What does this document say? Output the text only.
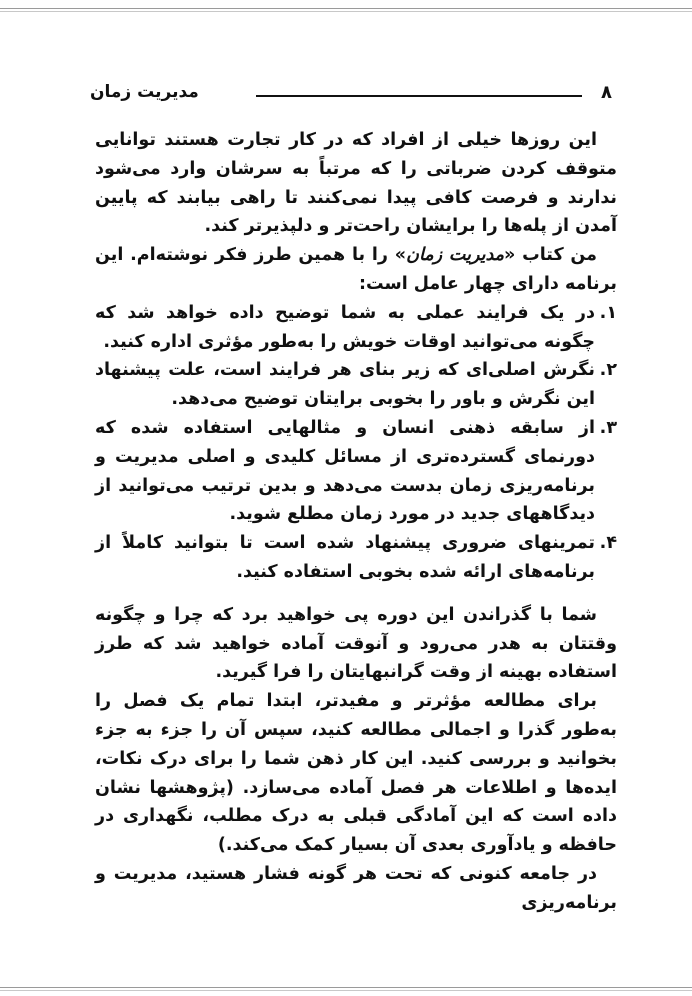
۸
مدیریت زمان

این روزها خیلی از افراد که در کار تجارت هستند توانایی متوقف کردن ضرباتی را که مرتباً به سرشان وارد می‌شود ندارند و فرصت کافی پیدا نمی‌کنند تا راهی بیابند که پایین آمدن از پله‌ها را برایشان راحت‌تر و دلپذیرتر کند.

من کتاب «مدیریت زمان» را با همین طرز فکر نوشته‌ام. این برنامه دارای چهار عامل است:

۱.
در یک فرایند عملی به شما توضیح داده خواهد شد که چگونه می‌توانید اوقات خویش را به‌طور مؤثری اداره کنید.
۲.
نگرش اصلی‌ای که زیر بنای هر فرایند است، علت پیشنهاد این نگرش و باور را بخوبی برایتان توضیح می‌دهد.
۳.
از سابقه ذهنی انسان و مثالهایی استفاده شده که دورنمای گسترده‌تری از مسائل کلیدی و اصلی مدیریت و برنامه‌ریزی زمان بدست می‌دهد و بدین ترتیب می‌توانید از دیدگاههای جدید در مورد زمان مطلع شوید.
۴.
تمرینهای ضروری پیشنهاد شده است تا بتوانید کاملاً از برنامه‌های ارائه شده بخوبی استفاده کنید.

شما با گذراندن این دوره پی خواهید برد که چرا و چگونه وقتتان به هدر می‌رود و آنوقت آماده خواهید شد که طرز استفاده بهینه از وقت گرانبهایتان را فرا گیرید.

برای مطالعه مؤثرتر و مفیدتر، ابتدا تمام یک فصل را به‌طور گذرا و اجمالی مطالعه کنید، سپس آن را جزء به جزء بخوانید و بررسی کنید. این کار ذهن شما را برای درک نکات، ایده‌ها و اطلاعات هر فصل آماده می‌سازد. (پژوهشها نشان داده است که این آمادگی قبلی به درک مطلب، نگهداری در حافظه و یادآوری بعدی آن بسیار کمک می‌کند.)

در جامعه کنونی که تحت هر گونه فشار هستید، مدیریت و برنامه‌ریزی
